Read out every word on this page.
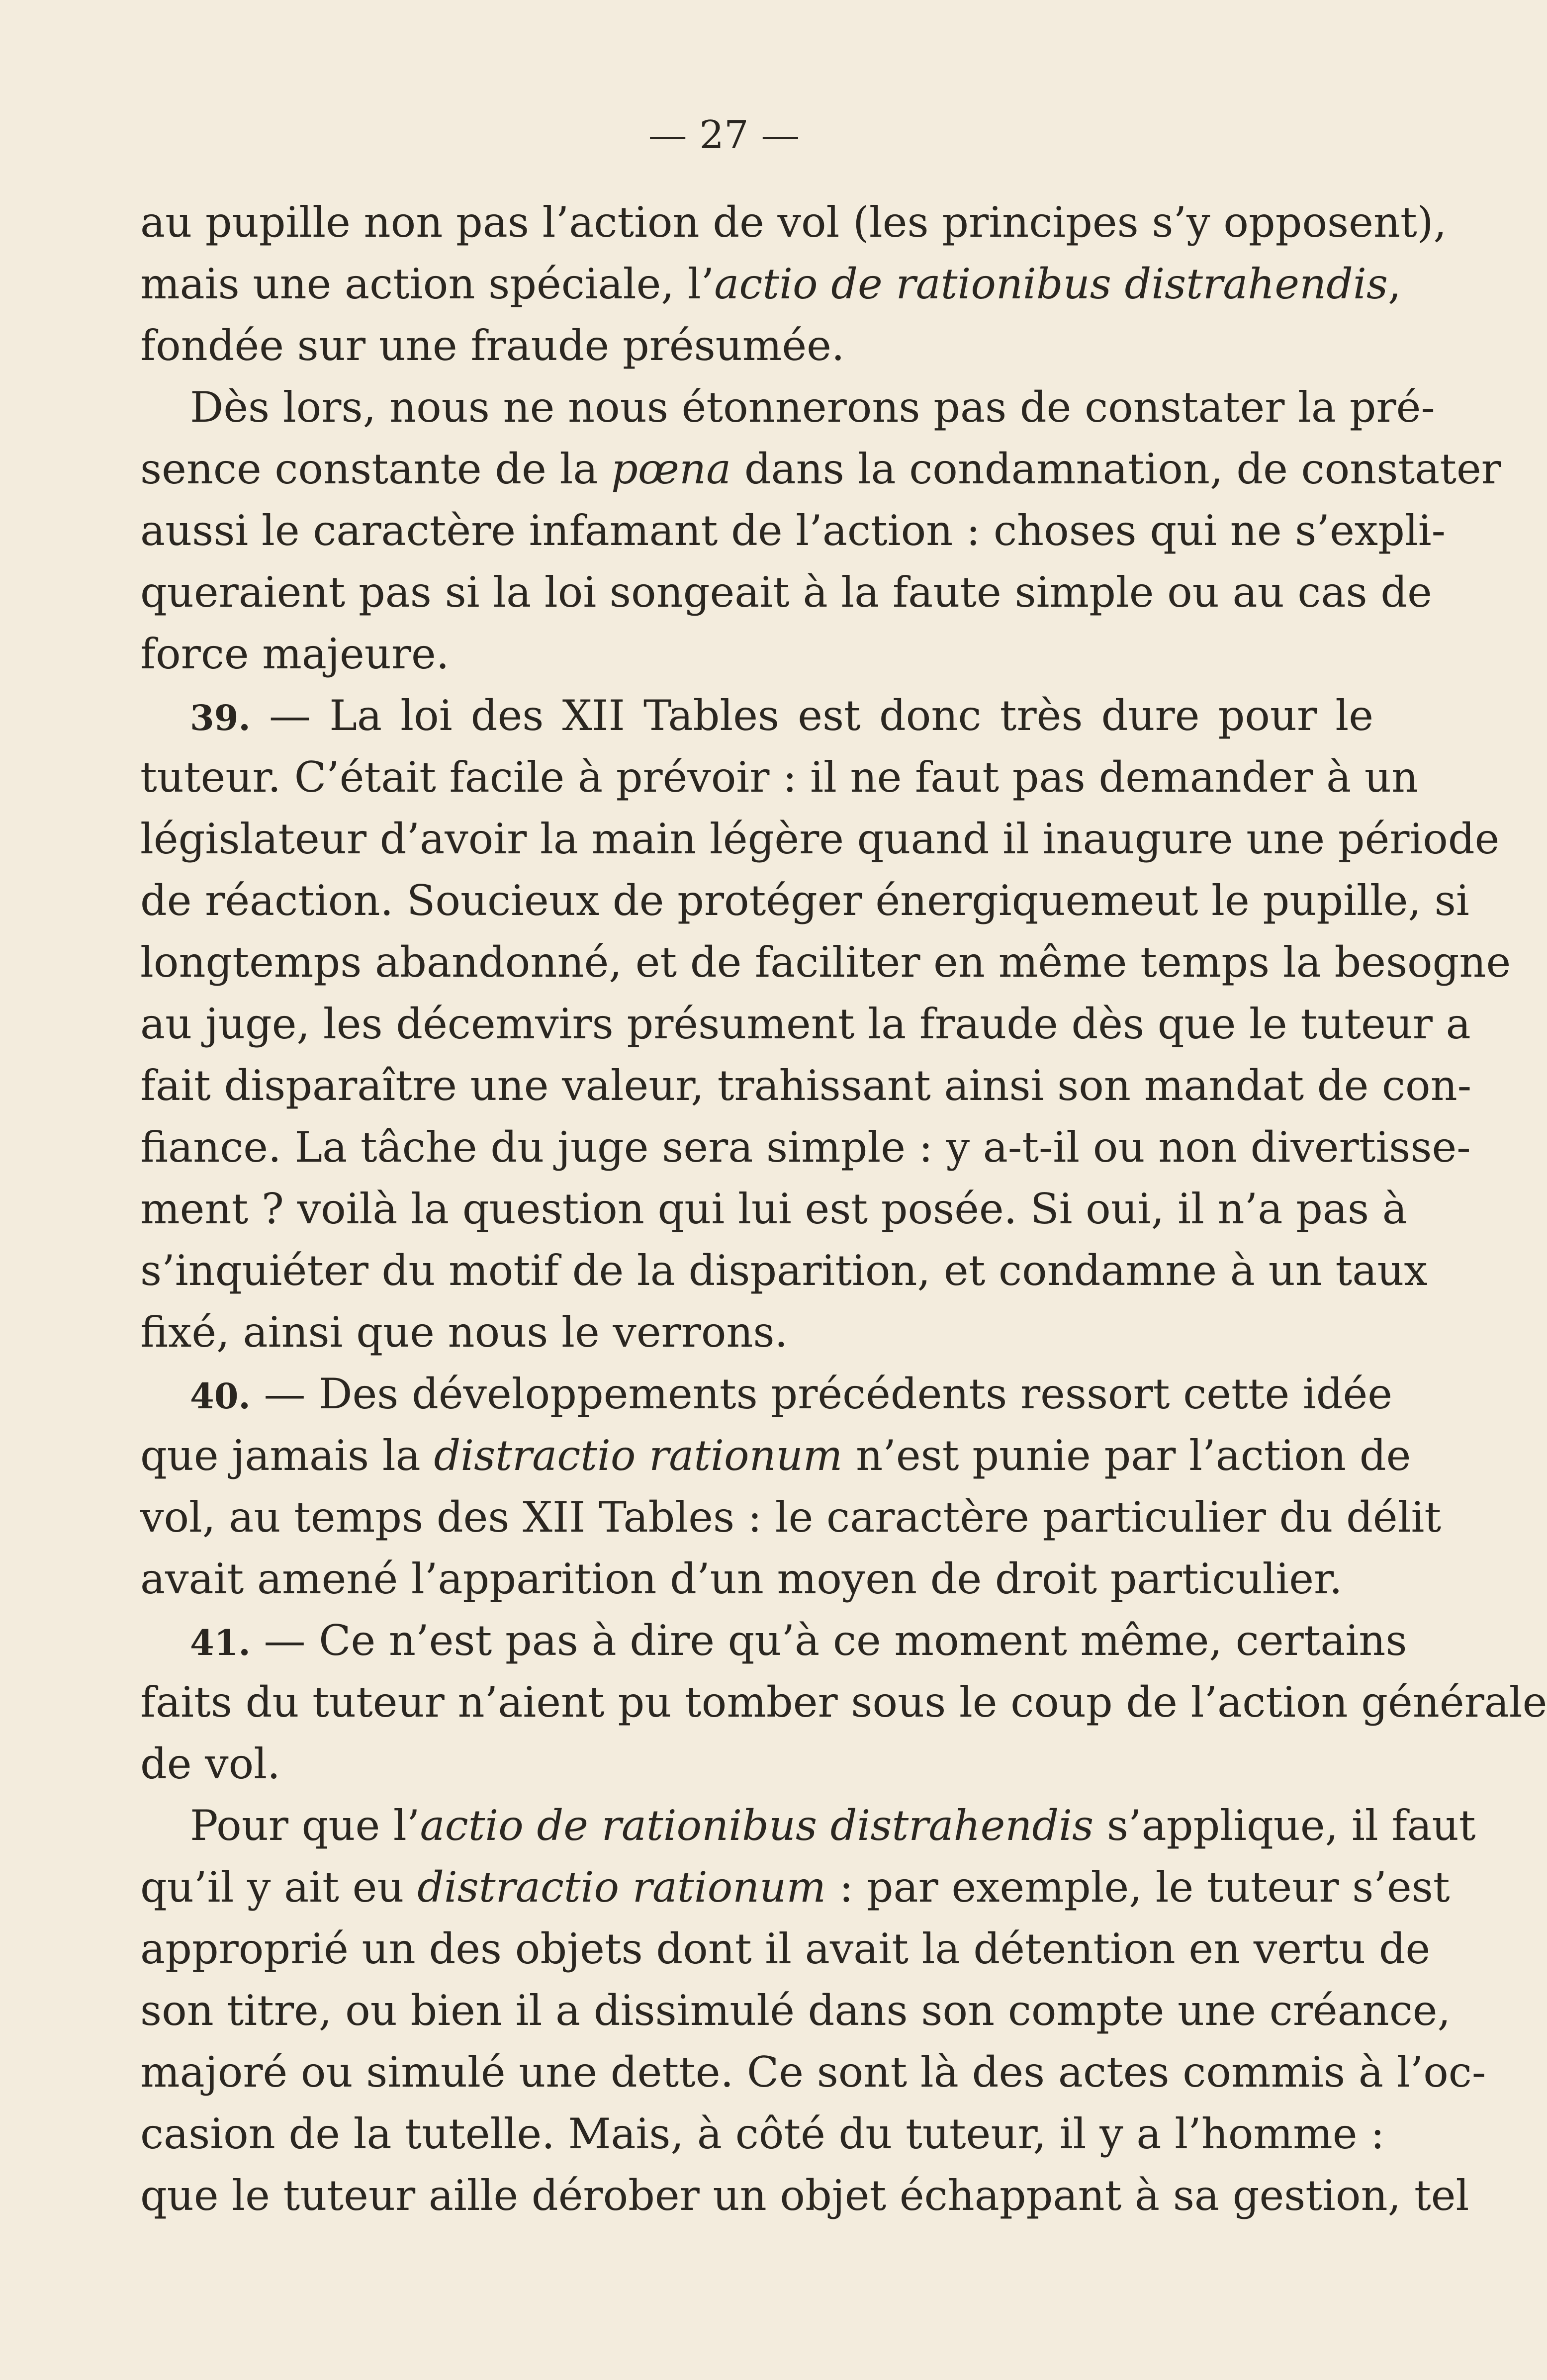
— 27 —
au pupille non pas l’action de vol (les principes s’y opposent),
mais une action spéciale, l’actio de rationibus distrahendis,
fondée sur une fraude présumée.
Dès lors, nous ne nous étonnerons pas de constater la pré-
sence constante de la pœna dans la condamnation, de constater
aussi le caractère infamant de l’action : choses qui ne s’expli-
queraient pas si la loi songeait à la faute simple ou au cas de
force majeure.
39. — La loi des XII Tables est donc très dure pour le
tuteur. C’était facile à prévoir : il ne faut pas demander à un
législateur d’avoir la main légère quand il inaugure une période
de réaction. Soucieux de protéger énergiquemeut le pupille, si
longtemps abandonné, et de faciliter en même temps la besogne
au juge, les décemvirs présument la fraude dès que le tuteur a
fait disparaître une valeur, trahissant ainsi son mandat de con-
fiance. La tâche du juge sera simple : y a-t-il ou non divertisse-
ment ? voilà la question qui lui est posée. Si oui, il n’a pas à
s’inquiéter du motif de la disparition, et condamne à un taux
fixé, ainsi que nous le verrons.
40. — Des développements précédents ressort cette idée
que jamais la distractio rationum n’est punie par l’action de
vol, au temps des XII Tables : le caractère particulier du délit
avait amené l’apparition d’un moyen de droit particulier.
41. — Ce n’est pas à dire qu’à ce moment même, certains
faits du tuteur n’aient pu tomber sous le coup de l’action générale
de vol.
Pour que l’actio de rationibus distrahendis s’applique, il faut
qu’il y ait eu distractio rationum : par exemple, le tuteur s’est
approprié un des objets dont il avait la détention en vertu de
son titre, ou bien il a dissimulé dans son compte une créance,
majoré ou simulé une dette. Ce sont là des actes commis à l’oc-
casion de la tutelle. Mais, à côté du tuteur, il y a l’homme :
que le tuteur aille dérober un objet échappant à sa gestion, tel
